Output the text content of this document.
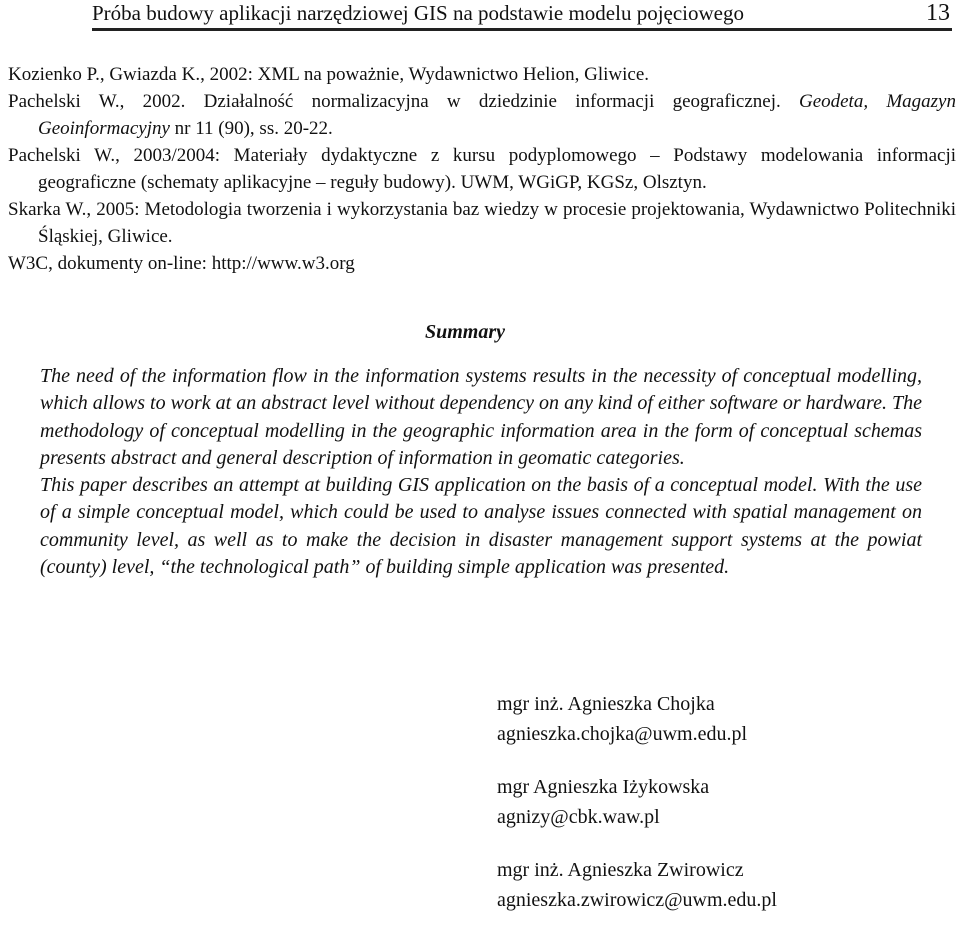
Próba budowy aplikacji narzędziowej GIS na podstawie modelu pojęciowego	13

Kozienko P., Gwiazda K., 2002: XML na poważnie, Wydawnictwo Helion, Gliwice.

Pachelski W., 2002. Działalność normalizacyjna w dziedzinie informacji geograficznej. Geodeta, Magazyn Geoinformacyjny nr 11 (90), ss. 20-22.

Pachelski W., 2003/2004: Materiały dydaktyczne z kursu podyplomowego – Podstawy modelowania informacji geograficzne (schematy aplikacyjne – reguły budowy). UWM, WGiGP, KGSz, Olsztyn.

Skarka W., 2005: Metodologia tworzenia i wykorzystania baz wiedzy w procesie projektowania, Wydawnictwo Politechniki Śląskiej, Gliwice.

W3C, dokumenty on-line: http://www.w3.org

Summary

The need of the information flow in the information systems results in the necessity of conceptual modelling, which allows to work at an abstract level without dependency on any kind of either software or hardware. The methodology of conceptual modelling in the geographic information area in the form of conceptual schemas presents abstract and general description of information in geomatic categories.

This paper describes an attempt at building GIS application on the basis of a conceptual model. With the use of a simple conceptual model, which could be used to analyse issues connected with spatial management on community level, as well as to make the decision in disaster management support systems at the powiat (county) level, “the technological path” of building simple application was presented.

mgr inż. Agnieszka Chojka
agnieszka.chojka@uwm.edu.pl
mgr Agnieszka Iżykowska
agnizy@cbk.waw.pl
mgr inż. Agnieszka Zwirowicz
agnieszka.zwirowicz@uwm.edu.pl
